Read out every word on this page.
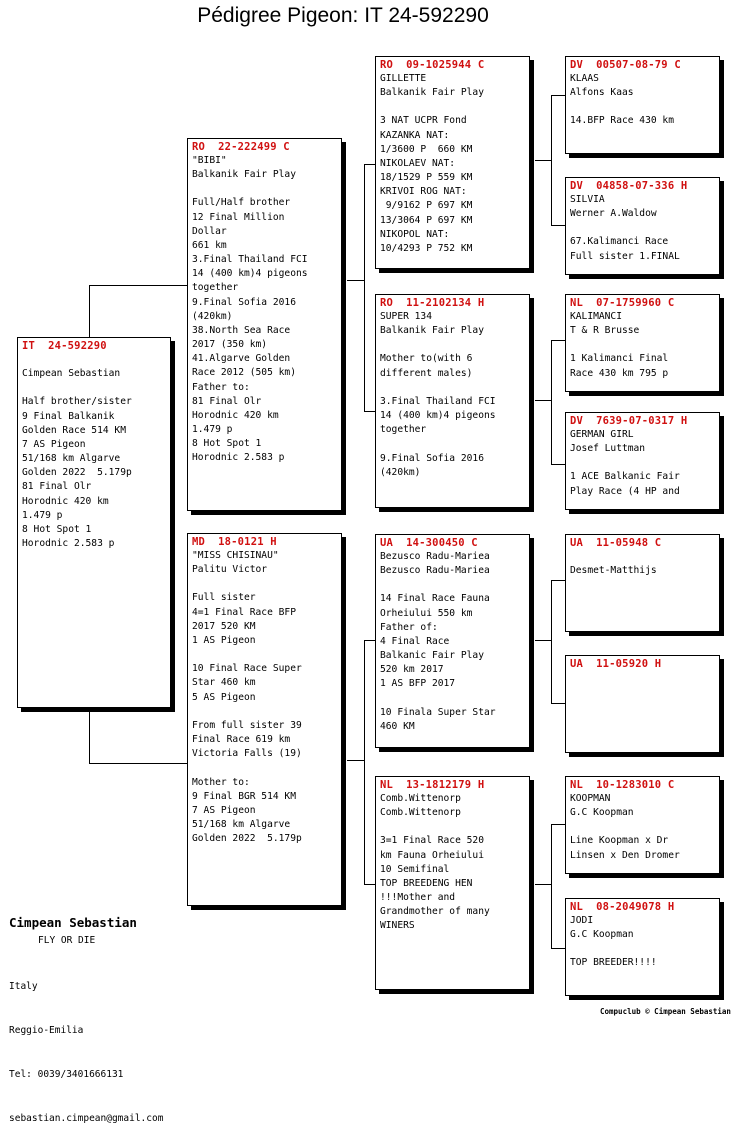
Pédigree Pigeon: IT 24-592290
IT  24-592290

Cimpean Sebastian

Half brother/sister
9 Final Balkanik
Golden Race 514 KM
7 AS Pigeon
51/168 km Algarve
Golden 2022  5.179p
81 Final Olr
Horodnic 420 km
1.479 p
8 Hot Spot 1
Horodnic 2.583 p
RO  22-222499 C
"BIBI"
Balkanik Fair Play

Full/Half brother
12 Final Million
Dollar
661 km
3.Final Thailand FCI
14 (400 km)4 pigeons
together
9.Final Sofia 2016
(420km)
38.North Sea Race
2017 (350 km)
41.Algarve Golden
Race 2012 (505 km)
Father to:
81 Final Olr
Horodnic 420 km
1.479 p
8 Hot Spot 1
Horodnic 2.583 p
MD  18-0121 H
"MISS CHISINAU"
Palitu Victor

Full sister
4=1 Final Race BFP
2017 520 KM
1 AS Pigeon

10 Final Race Super
Star 460 km
5 AS Pigeon

From full sister 39
Final Race 619 km
Victoria Falls (19)

Mother to:
9 Final BGR 514 KM
7 AS Pigeon
51/168 km Algarve
Golden 2022  5.179p
RO  09-1025944 C
GILLETTE
Balkanik Fair Play

3 NAT UCPR Fond
KAZANKA NAT:
1/3600 P  660 KM
NIKOLAEV NAT:
18/1529 P 559 KM
KRIVOI ROG NAT:
9/9162 P 697 KM
13/3064 P 697 KM
NIKOPOL NAT:
10/4293 P 752 KM
RO  11-2102134 H
SUPER 134
Balkanik Fair Play

Mother to(with 6
different males)

3.Final Thailand FCI
14 (400 km)4 pigeons
together

9.Final Sofia 2016
(420km)
UA  14-300450 C
Bezusco Radu-Mariea
Bezusco Radu-Mariea

14 Final Race Fauna
Orheiului 550 km
Father of:
4 Final Race
Balkanic Fair Play
520 km 2017
1 AS BFP 2017

10 Finala Super Star
460 KM
NL  13-1812179 H
Comb.Wittenorp
Comb.Wittenorp

3=1 Final Race 520
km Fauna Orheiului
10 Semifinal
TOP BREEDENG HEN
!!!Mother and
Grandmother of many
WINERS
DV  00507-08-79 C
KLAAS
Alfons Kaas

14.BFP Race 430 km
DV  04858-07-336 H
SILVIA
Werner A.Waldow

67.Kalimanci Race
Full sister 1.FINAL
NL  07-1759960 C
KALIMANCI
T & R Brusse

1 Kalimanci Final
Race 430 km 795 p
DV  7639-07-0317 H
GERMAN GIRL
Josef Luttman

1 ACE Balkanic Fair
Play Race (4 HP and
UA  11-05948 C

Desmet-Matthijs
UA  11-05920 H
NL  10-1283010 C
KOOPMAN
G.C Koopman

Line Koopman x Dr
Linsen x Den Dromer
NL  08-2049078 H
JODI
G.C Koopman

TOP BREEDER!!!!
Cimpean Sebastian
FLY OR DIE

Italy

Reggio-Emilia

Tel: 0039/3401666131

sebastian.cimpean@gmail.com

Compuclub © Cimpean Sebastian
